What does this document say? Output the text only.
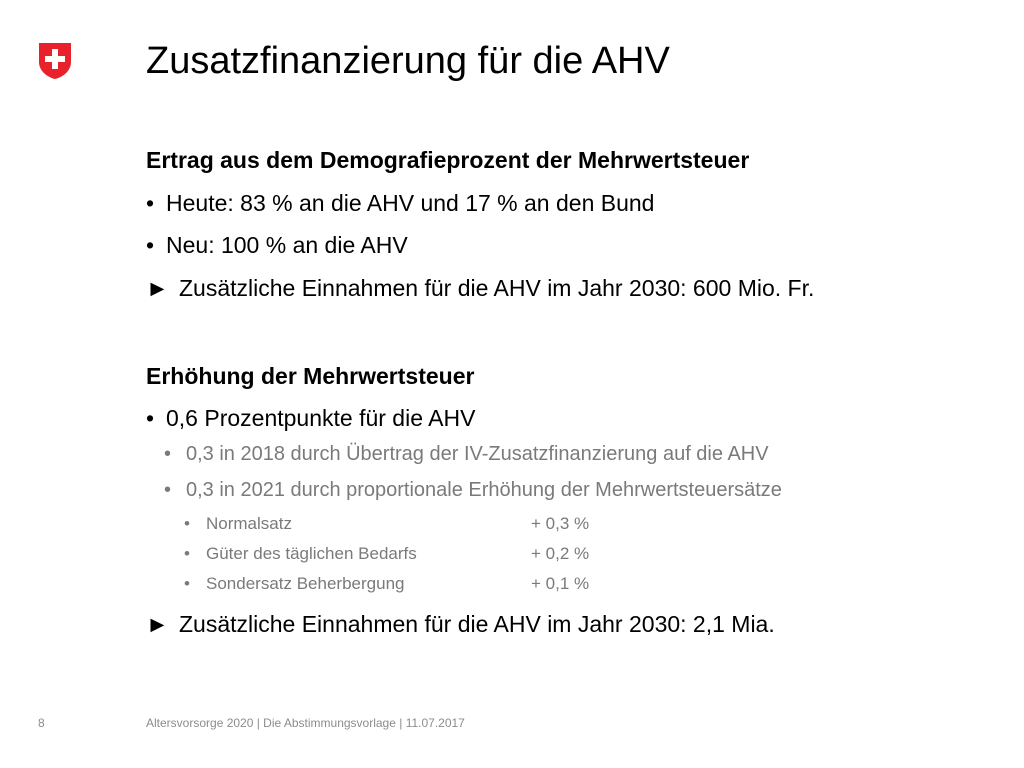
Zusatzfinanzierung für die AHV
Ertrag aus dem Demografieprozent der Mehrwertsteuer
• Heute: 83 % an die AHV und 17 % an den Bund
• Neu: 100 % an die AHV
► Zusätzliche Einnahmen für die AHV im Jahr 2030: 600 Mio. Fr.
Erhöhung der Mehrwertsteuer
• 0,6 Prozentpunkte für die AHV
• 0,3 in 2018 durch Übertrag der IV-Zusatzfinanzierung auf die AHV
• 0,3 in 2021 durch proportionale Erhöhung der Mehrwertsteuersätze
• Normalsatz	+ 0,3 %
• Güter des täglichen Bedarfs	+ 0,2 %
• Sondersatz Beherbergung	+ 0,1 %
► Zusätzliche Einnahmen für die AHV im Jahr 2030: 2,1 Mia.
8	Altersvorsorge 2020 | Die Abstimmungsvorlage | 11.07.2017
